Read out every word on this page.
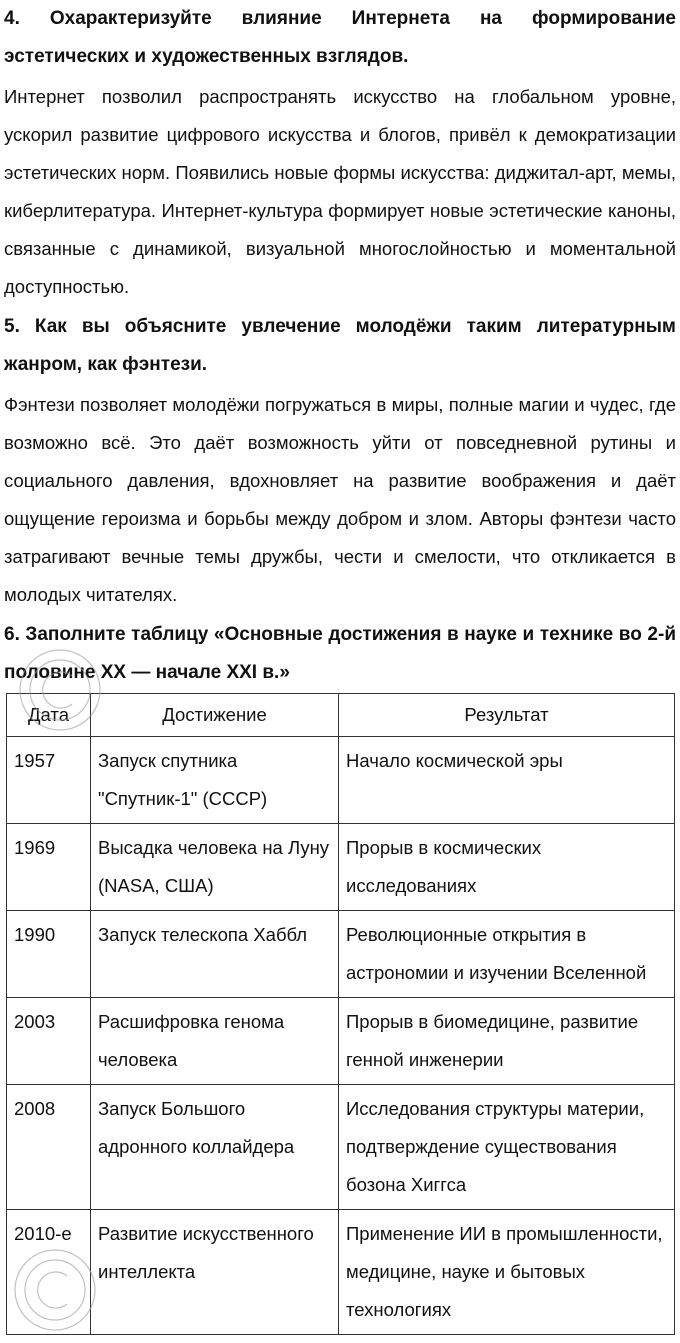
4. Охарактеризуйте влияние Интернета на формирование эстетических и художественных взглядов.

Интернет позволил распространять искусство на глобальном уровне, ускорил развитие цифрового искусства и блогов, привёл к демократизации эстетических норм. Появились новые формы искусства: диджитал-арт, мемы, киберлитература. Интернет-культура формирует новые эстетические каноны, связанные с динамикой, визуальной многослойностью и моментальной доступностью.

5. Как вы объясните увлечение молодёжи таким литературным жанром, как фэнтези.

Фэнтези позволяет молодёжи погружаться в миры, полные магии и чудес, где возможно всё. Это даёт возможность уйти от повседневной рутины и социального давления, вдохновляет на развитие воображения и даёт ощущение героизма и борьбы между добром и злом. Авторы фэнтези часто затрагивают вечные темы дружбы, чести и смелости, что откликается в молодых читателях.

6. Заполните таблицу «Основные достижения в науке и технике во 2-й половине XX — начале XXI в.»

Дата	Достижение	Результат
1957	Запуск спутника "Спутник-1" (СССР)	Начало космической эры
1969	Высадка человека на Луну (NASA, США)	Прорыв в космических исследованиях
1990	Запуск телескопа Хаббл	Революционные открытия в астрономии и изучении Вселенной
2003	Расшифровка генома человека	Прорыв в биомедицине, развитие генной инженерии
2008	Запуск Большого адронного коллайдера	Исследования структуры материи, подтверждение существования бозона Хиггса
2010-е	Развитие искусственного интеллекта	Применение ИИ в промышленности, медицине, науке и бытовых технологиях
